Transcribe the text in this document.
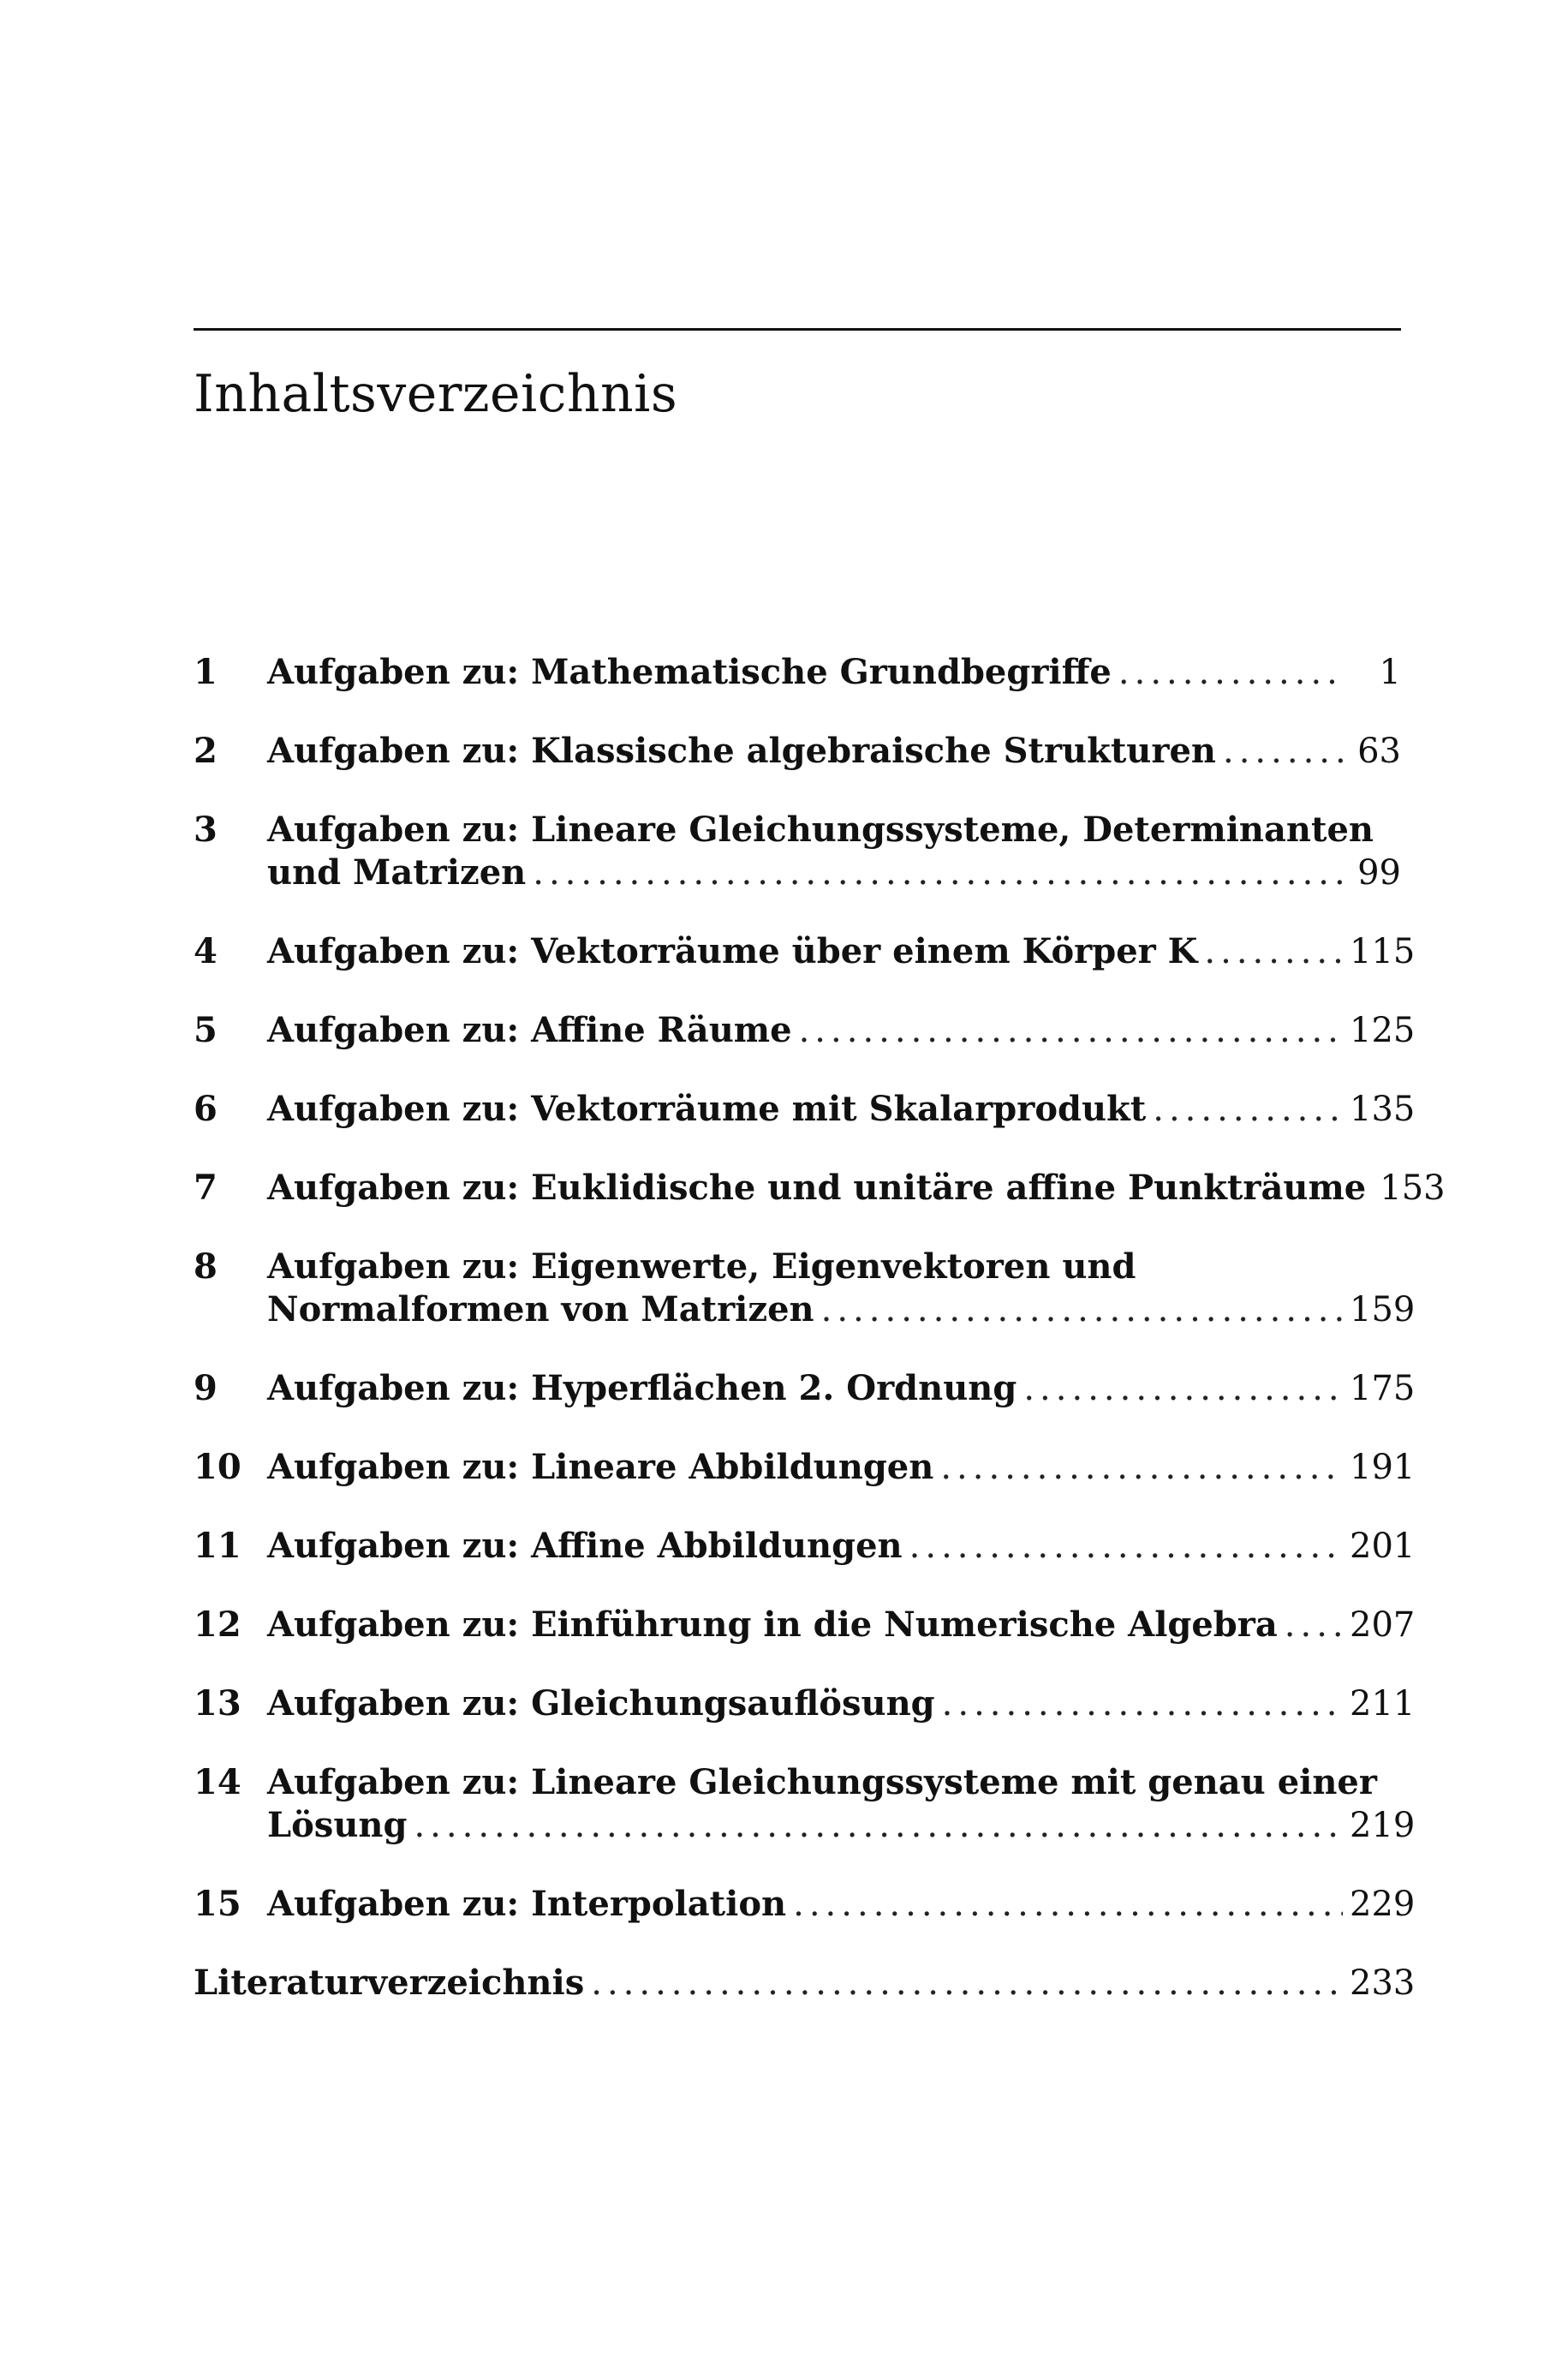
Inhaltsverzeichnis
1 Aufgaben zu: Mathematische Grundbegriffe .....	1
2 Aufgaben zu: Klassische algebraische Strukturen .....	63
3 Aufgaben zu: Lineare Gleichungssysteme, Determinanten
und Matrizen .....	99
4 Aufgaben zu: Vektorräume über einem Körper K .....	115
5 Aufgaben zu: Affine Räume .....	125
6 Aufgaben zu: Vektorräume mit Skalarprodukt .....	135
7 Aufgaben zu: Euklidische und unitäre affine Punkträume 153
8 Aufgaben zu: Eigenwerte, Eigenvektoren und
Normalformen von Matrizen .....	159
9 Aufgaben zu: Hyperflächen 2. Ordnung .....	175
10 Aufgaben zu: Lineare Abbildungen .....	191
11 Aufgaben zu: Affine Abbildungen .....	201
12 Aufgaben zu: Einführung in die Numerische Algebra ..... 207
13 Aufgaben zu: Gleichungsauflösung .....	211
14 Aufgaben zu: Lineare Gleichungssysteme mit genau einer
Lösung .....	219
15 Aufgaben zu: Interpolation .....	229
Literaturverzeichnis .....	233
